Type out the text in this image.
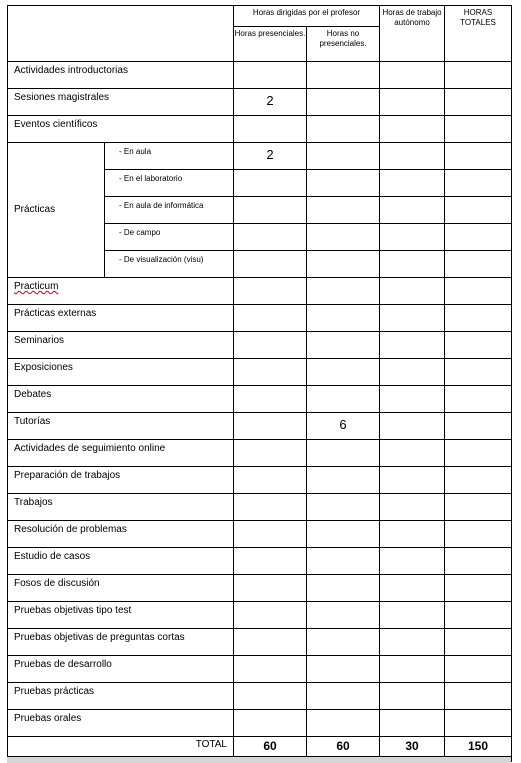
		Horas dirigidas por el profesor		Horas de trabajo autónomo	HORAS TOTALES
		Horas presenciales.	Horas no presenciales.		
Actividades introductorias					
Sesiones magistrales		2			
Eventos científicos					
Prácticas	- En aula	2			
	- En el laboratorio				
	- En aula de informática				
	- De campo				
	- De visualización (visu)				
Practicum					
Prácticas externas					
Seminarios					
Exposiciones					
Debates					
Tutorías			6		
Actividades de seguimiento online					
Preparación de trabajos					
Trabajos					
Resolución de problemas					
Estudio de casos					
Fosos de discusión					
Pruebas objetivas tipo test					
Pruebas objetivas de preguntas cortas					
Pruebas de desarrollo					
Pruebas prácticas					
Pruebas orales					
TOTAL		60	60	30	150
